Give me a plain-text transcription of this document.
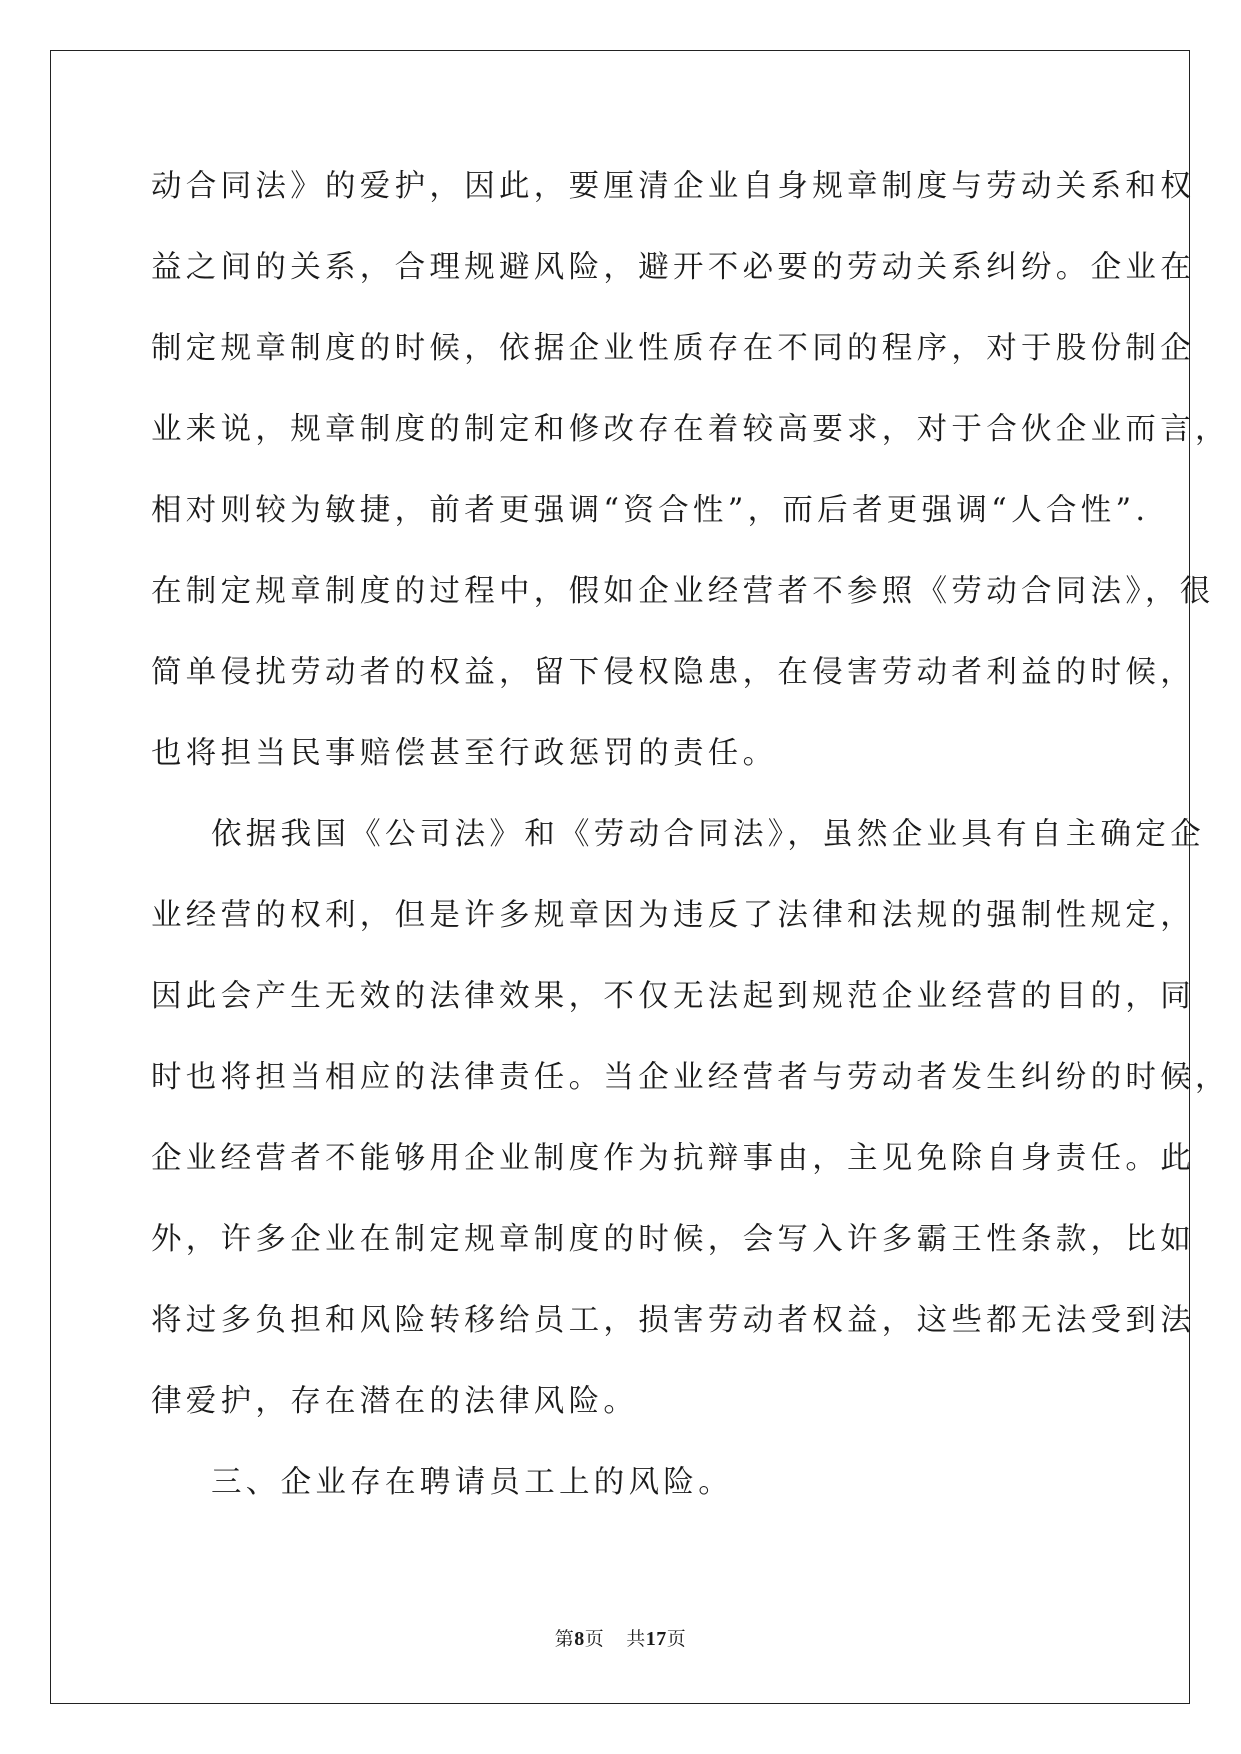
动合同法》的爱护，因此，要厘清企业自身规章制度与劳动关系和权
益之间的关系，合理规避风险，避开不必要的劳动关系纠纷。企业在
制定规章制度的时候，依据企业性质存在不同的程序，对于股份制企
业来说，规章制度的制定和修改存在着较高要求，对于合伙企业而言，
相对则较为敏捷，前者更强调“资合性”，而后者更强调“人合性”.
在制定规章制度的过程中，假如企业经营者不参照《劳动合同法》，很
简单侵扰劳动者的权益，留下侵权隐患，在侵害劳动者利益的时候，
也将担当民事赔偿甚至行政惩罚的责任。
依据我国《公司法》和《劳动合同法》，虽然企业具有自主确定企
业经营的权利，但是许多规章因为违反了法律和法规的强制性规定，
因此会产生无效的法律效果，不仅无法起到规范企业经营的目的，同
时也将担当相应的法律责任。当企业经营者与劳动者发生纠纷的时候，
企业经营者不能够用企业制度作为抗辩事由，主见免除自身责任。此
外，许多企业在制定规章制度的时候，会写入许多霸王性条款，比如
将过多负担和风险转移给员工，损害劳动者权益，这些都无法受到法
律爱护，存在潜在的法律风险。
三、企业存在聘请员工上的风险。
第8页 共17页
